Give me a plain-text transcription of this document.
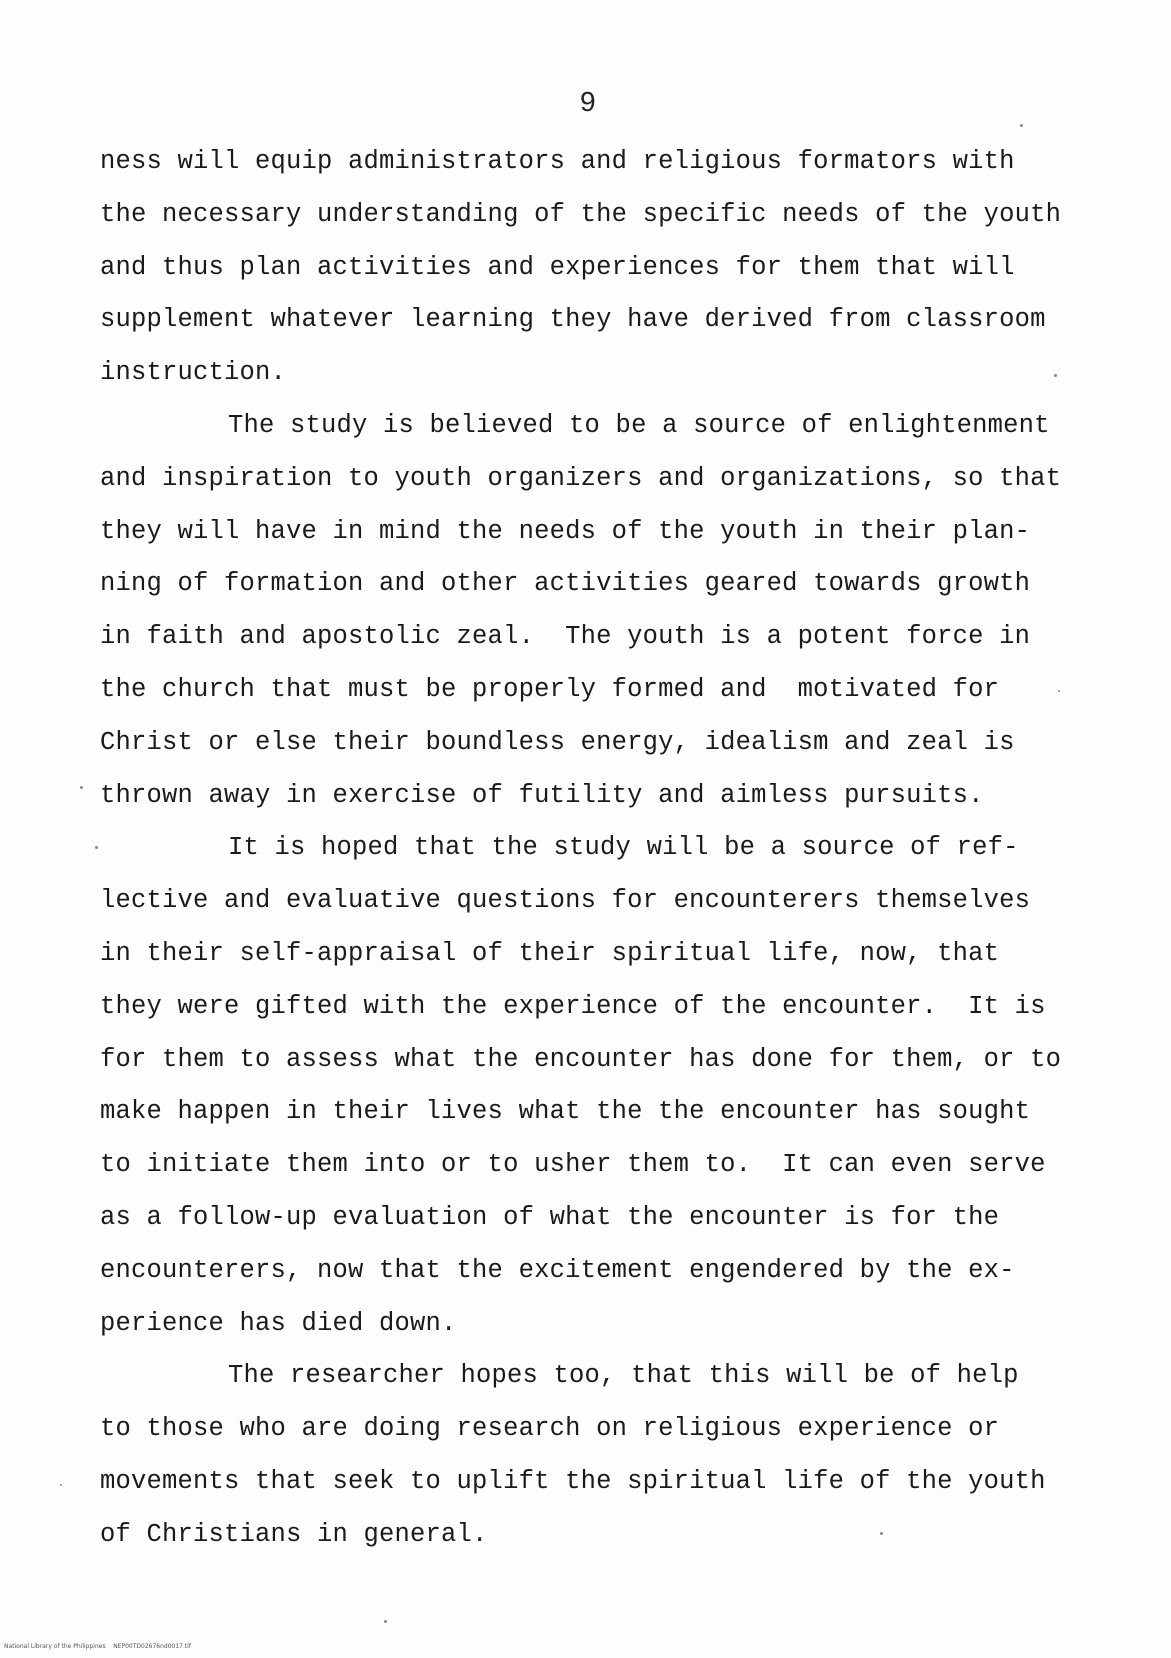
9
ness will equip administrators and religious formators with
the necessary understanding of the specific needs of the youth
and thus plan activities and experiences for them that will
supplement whatever learning they have derived from classroom
instruction.
The study is believed to be a source of enlightenment
and inspiration to youth organizers and organizations, so that
they will have in mind the needs of the youth in their plan-
ning of formation and other activities geared towards growth
in faith and apostolic zeal.  The youth is a potent force in
the church that must be properly formed and  motivated for
Christ or else their boundless energy, idealism and zeal is
thrown away in exercise of futility and aimless pursuits.
It is hoped that the study will be a source of ref-
lective and evaluative questions for encounterers themselves
in their self-appraisal of their spiritual life, now, that
they were gifted with the experience of the encounter.  It is
for them to assess what the encounter has done for them, or to
make happen in their lives what the the encounter has sought
to initiate them into or to usher them to.  It can even serve
as a follow-up evaluation of what the encounter is for the
encounterers, now that the excitement engendered by the ex-
perience has died down.
The researcher hopes too, that this will be of help
to those who are doing research on religious experience or
movements that seek to uplift the spiritual life of the youth
of Christians in general.
National Library of the Philippines    NEP00TD02676nd0017.tif
